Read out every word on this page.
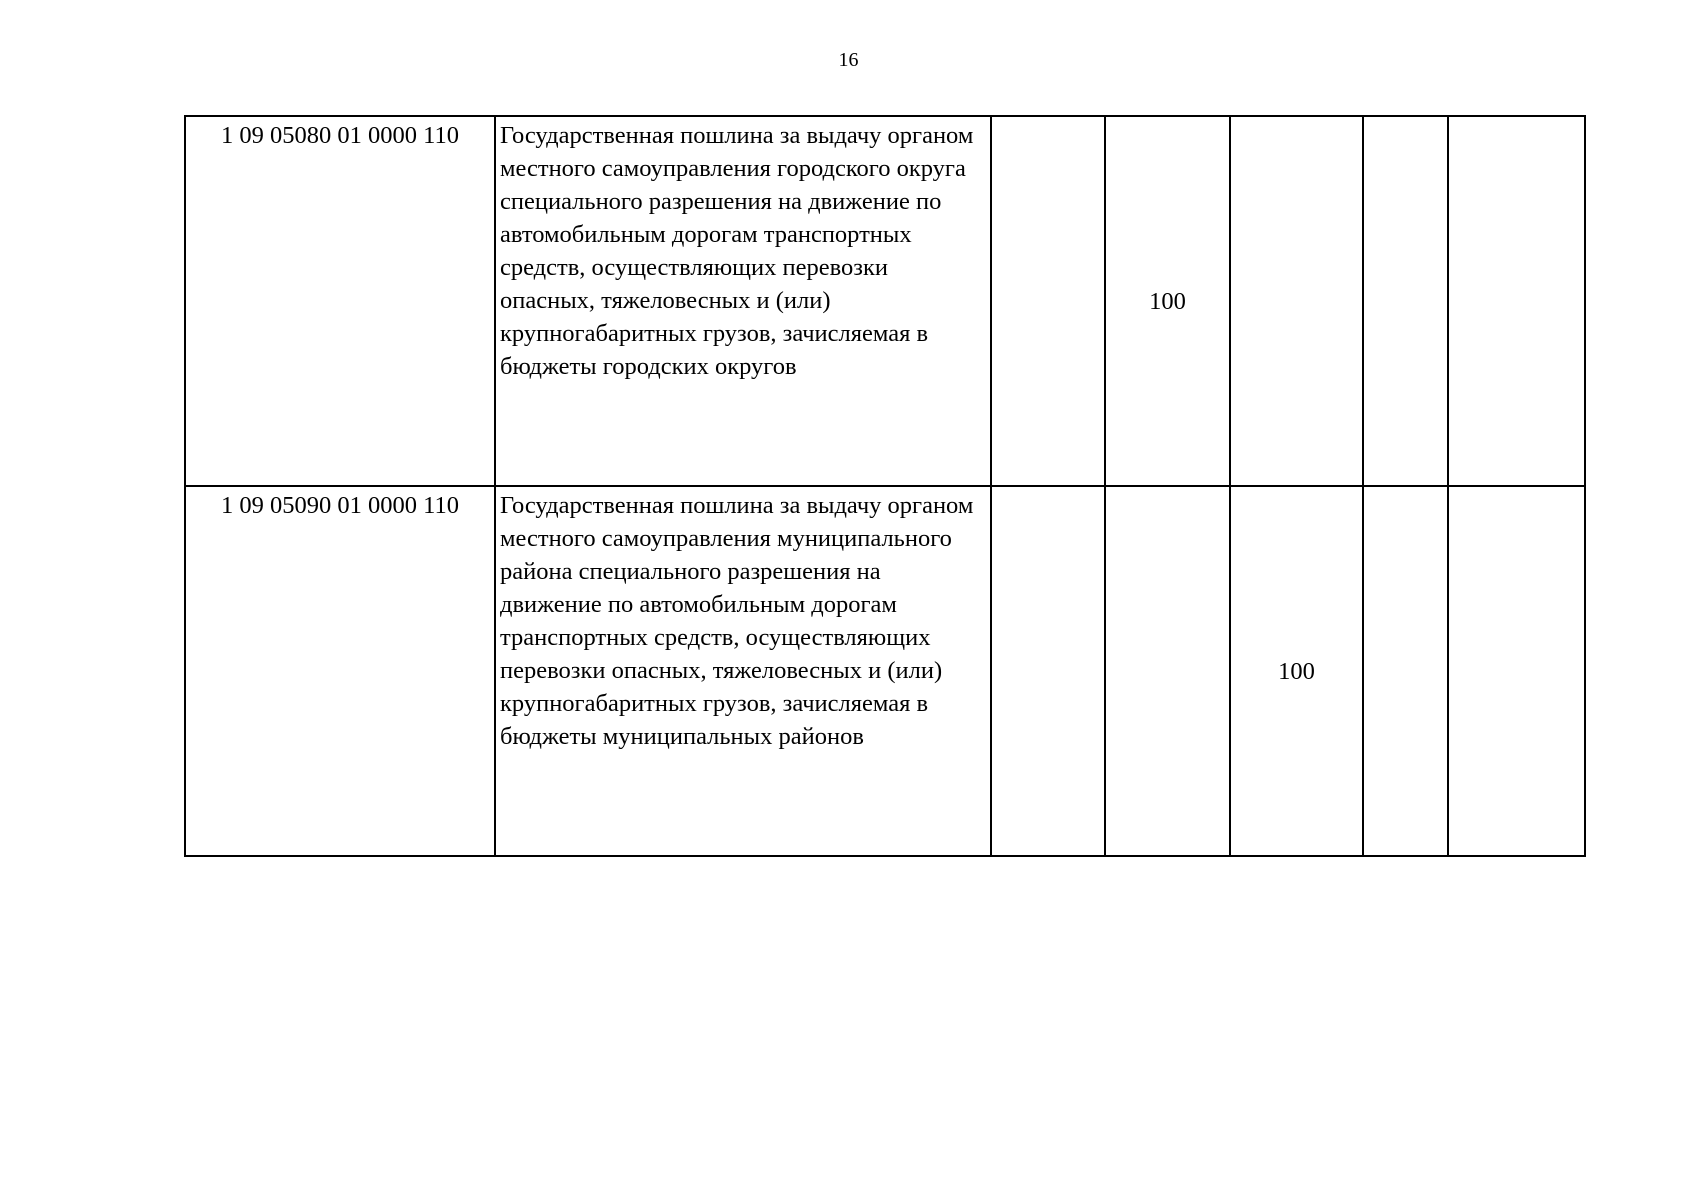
16
1 09 05080 01 0000 110	Государственная пошлина за выдачу органом местного самоуправления городского округа специального разрешения на движение по автомобильным дорогам транспортных средств, осуществляющих перевозки опасных, тяжеловесных и (или) крупногабаритных грузов, зачисляемая в бюджеты городских округов		100			
1 09 05090 01 0000 110	Государственная пошлина за выдачу органом местного самоуправления муниципального района специального разрешения на движение по автомобильным дорогам транспортных средств, осуществляющих перевозки опасных, тяжеловесных и (или) крупногабаритных грузов, зачисляемая в бюджеты муниципальных районов			100		
